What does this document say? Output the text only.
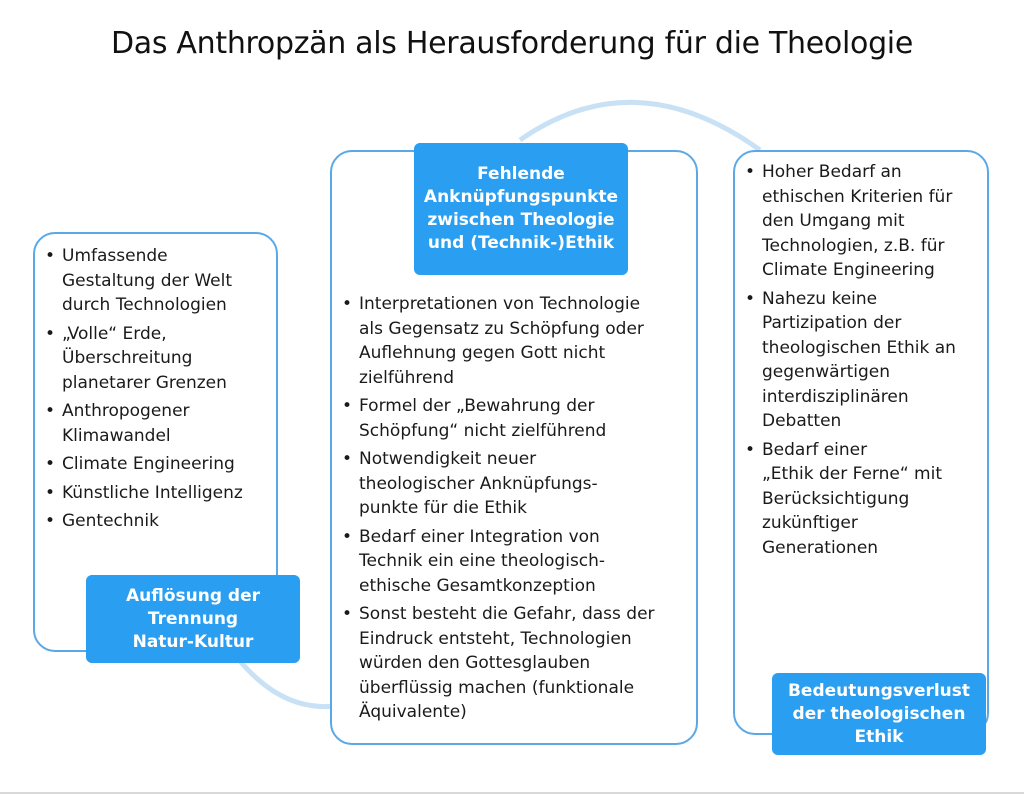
Das Anthropzän als Herausforderung für die Theologie
• Umfassende
Gestaltung der Welt
durch Technologien
• „Volle“ Erde,
Überschreitung
planetarer Grenzen
• Anthropogener
Klimawandel
• Climate Engineering
• Künstliche Intelligenz
• Gentechnik
• Interpretationen von Technologie
als Gegensatz zu Schöpfung oder
Auflehnung gegen Gott nicht
zielführend
• Formel der „Bewahrung der
Schöpfung“ nicht zielführend
• Notwendigkeit neuer
theologischer Anknüpfungs-
punkte für die Ethik
• Bedarf einer Integration von
Technik ein eine theologisch-
ethische Gesamtkonzeption
• Sonst besteht die Gefahr, dass der
Eindruck entsteht, Technologien
würden den Gottesglauben
überflüssig machen (funktionale
Äquivalente)
• Hoher Bedarf an
ethischen Kriterien für
den Umgang mit
Technologien, z.B. für
Climate Engineering
• Nahezu keine
Partizipation der
theologischen Ethik an
gegenwärtigen
interdisziplinären
Debatten
• Bedarf einer
„Ethik der Ferne“ mit
Berücksichtigung
zukünftiger
Generationen
Auflösung der
Trennung
Natur-Kultur
Fehlende
Anknüpfungspunkte
zwischen Theologie
und (Technik-)Ethik
Bedeutungsverlust
der theologischen
Ethik
